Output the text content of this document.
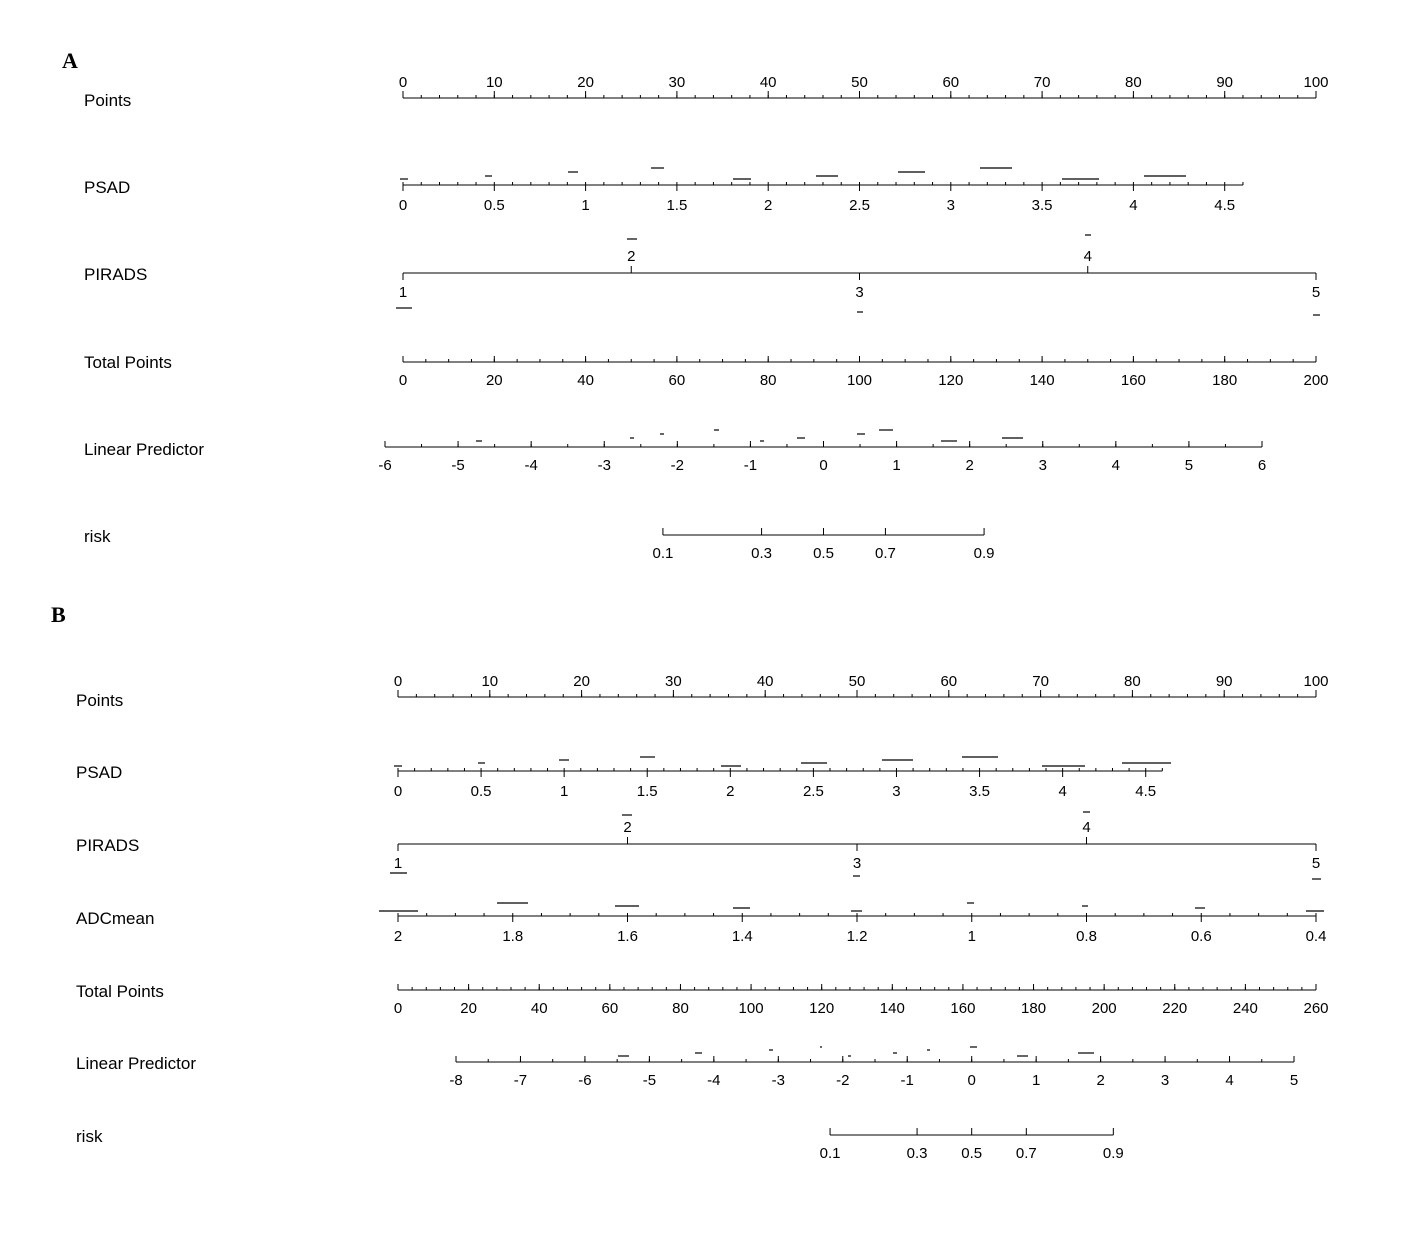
A
Points
0	10	20	30	40	50	60	70	80	90	100
PSAD
0	0.5	1	1.5	2	2.5	3	3.5	4	4.5
PIRADS
1
2
3
4
5
Total Points
0	20	40	60	80	100	120	140	160	180	200
Linear Predictor
-6	-5	-4	-3	-2	-1	0	1	2	3	4	5	6
risk
0.1	0.3	0.5	0.7	0.9
B
Points
0	10	20	30	40	50	60	70	80	90	100
PSAD
0	0.5	1	1.5	2	2.5	3	3.5	4	4.5
PIRADS
1
2
3
4
5
ADCmean
2	1.8	1.6	1.4	1.2	1	0.8	0.6	0.4
Total Points
0	20	40	60	80	100	120	140	160	180	200	220	240	260
Linear Predictor
-8	-7	-6	-5	-4	-3	-2	-1	0	1	2	3	4	5
risk
0.1	0.3 0.5 0.7	0.9
